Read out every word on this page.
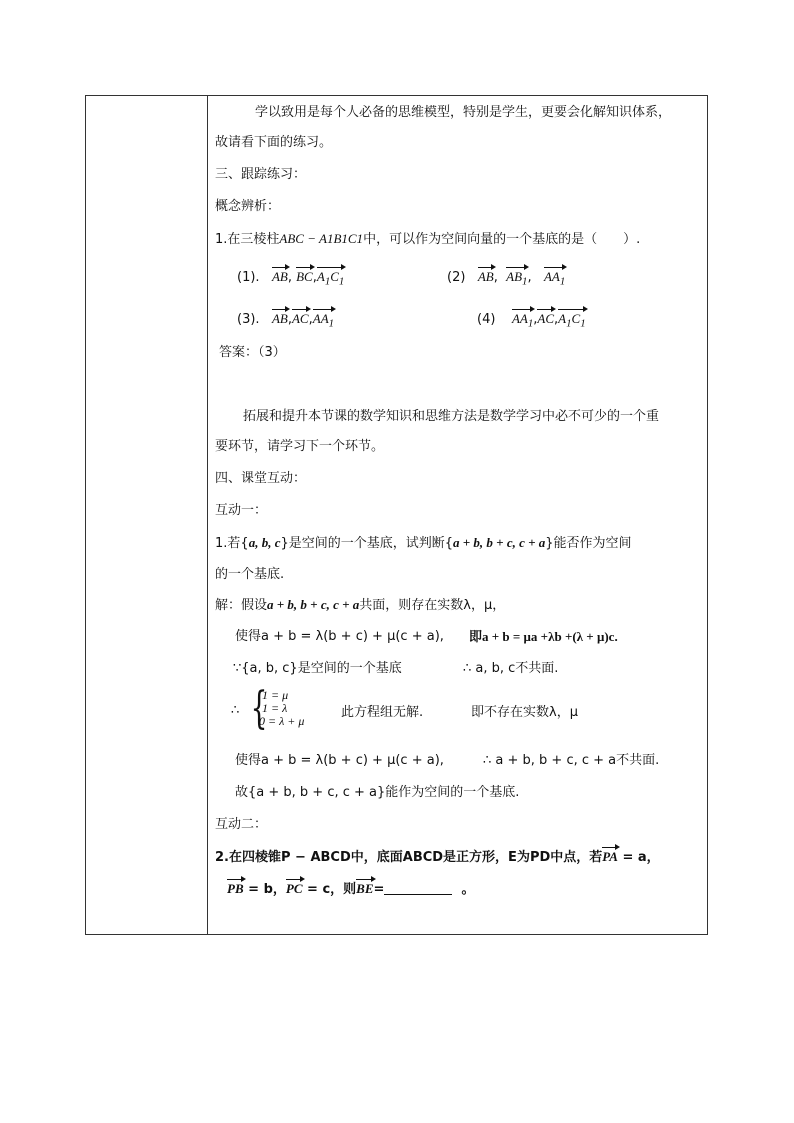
学以致用是每个人必备的思维模型，特别是学生，更要会化解知识体系，
故请看下面的练习。
三、跟踪练习：
概念辨析：
1.在三棱柱ABC − A1B1C1中，可以作为空间向量的一个基底的是（　　）.
(1). AB, $BC,A_1C_1$	(2) AB,  $AB_1$,   $AA_1$
(3). $AB,AC,AA_1$	(4) $AA_1,AC,A_1C_1$
答案：（3）
拓展和提升本节课的数学知识和思维方法是数学学习中必不可少的一个重
要环节，请学习下一个环节。
四、课堂互动：
互动一：
1.若{a, b, c}是空间的一个基底，试判断{a + b, b + c, c + a}能否作为空间
的一个基底.
解：假设a + b, b + c, c + a共面，则存在实数λ，μ，
使得a + b = λ(b + c) + μ(c + a), 即a + b = μa +λb +(λ + μ)c.
∵{a, b, c}是空间的一个基底	∴ a, b, c不共面.
∴ {
1 = μ
1 = λ
0 = λ + μ
此方程组无解.	即不存在实数λ，μ
使得a + b = λ(b + c) + μ(c + a),	∴ a + b, b + c, c + a不共面.
故{a + b, b + c, c + a}能作为空间的一个基底.
互动二：
2.在四棱锥P − ABCD中，底面ABCD是正方形，E为PD中点，若PA = a，
PB = b，PC = c，则BE=	。
